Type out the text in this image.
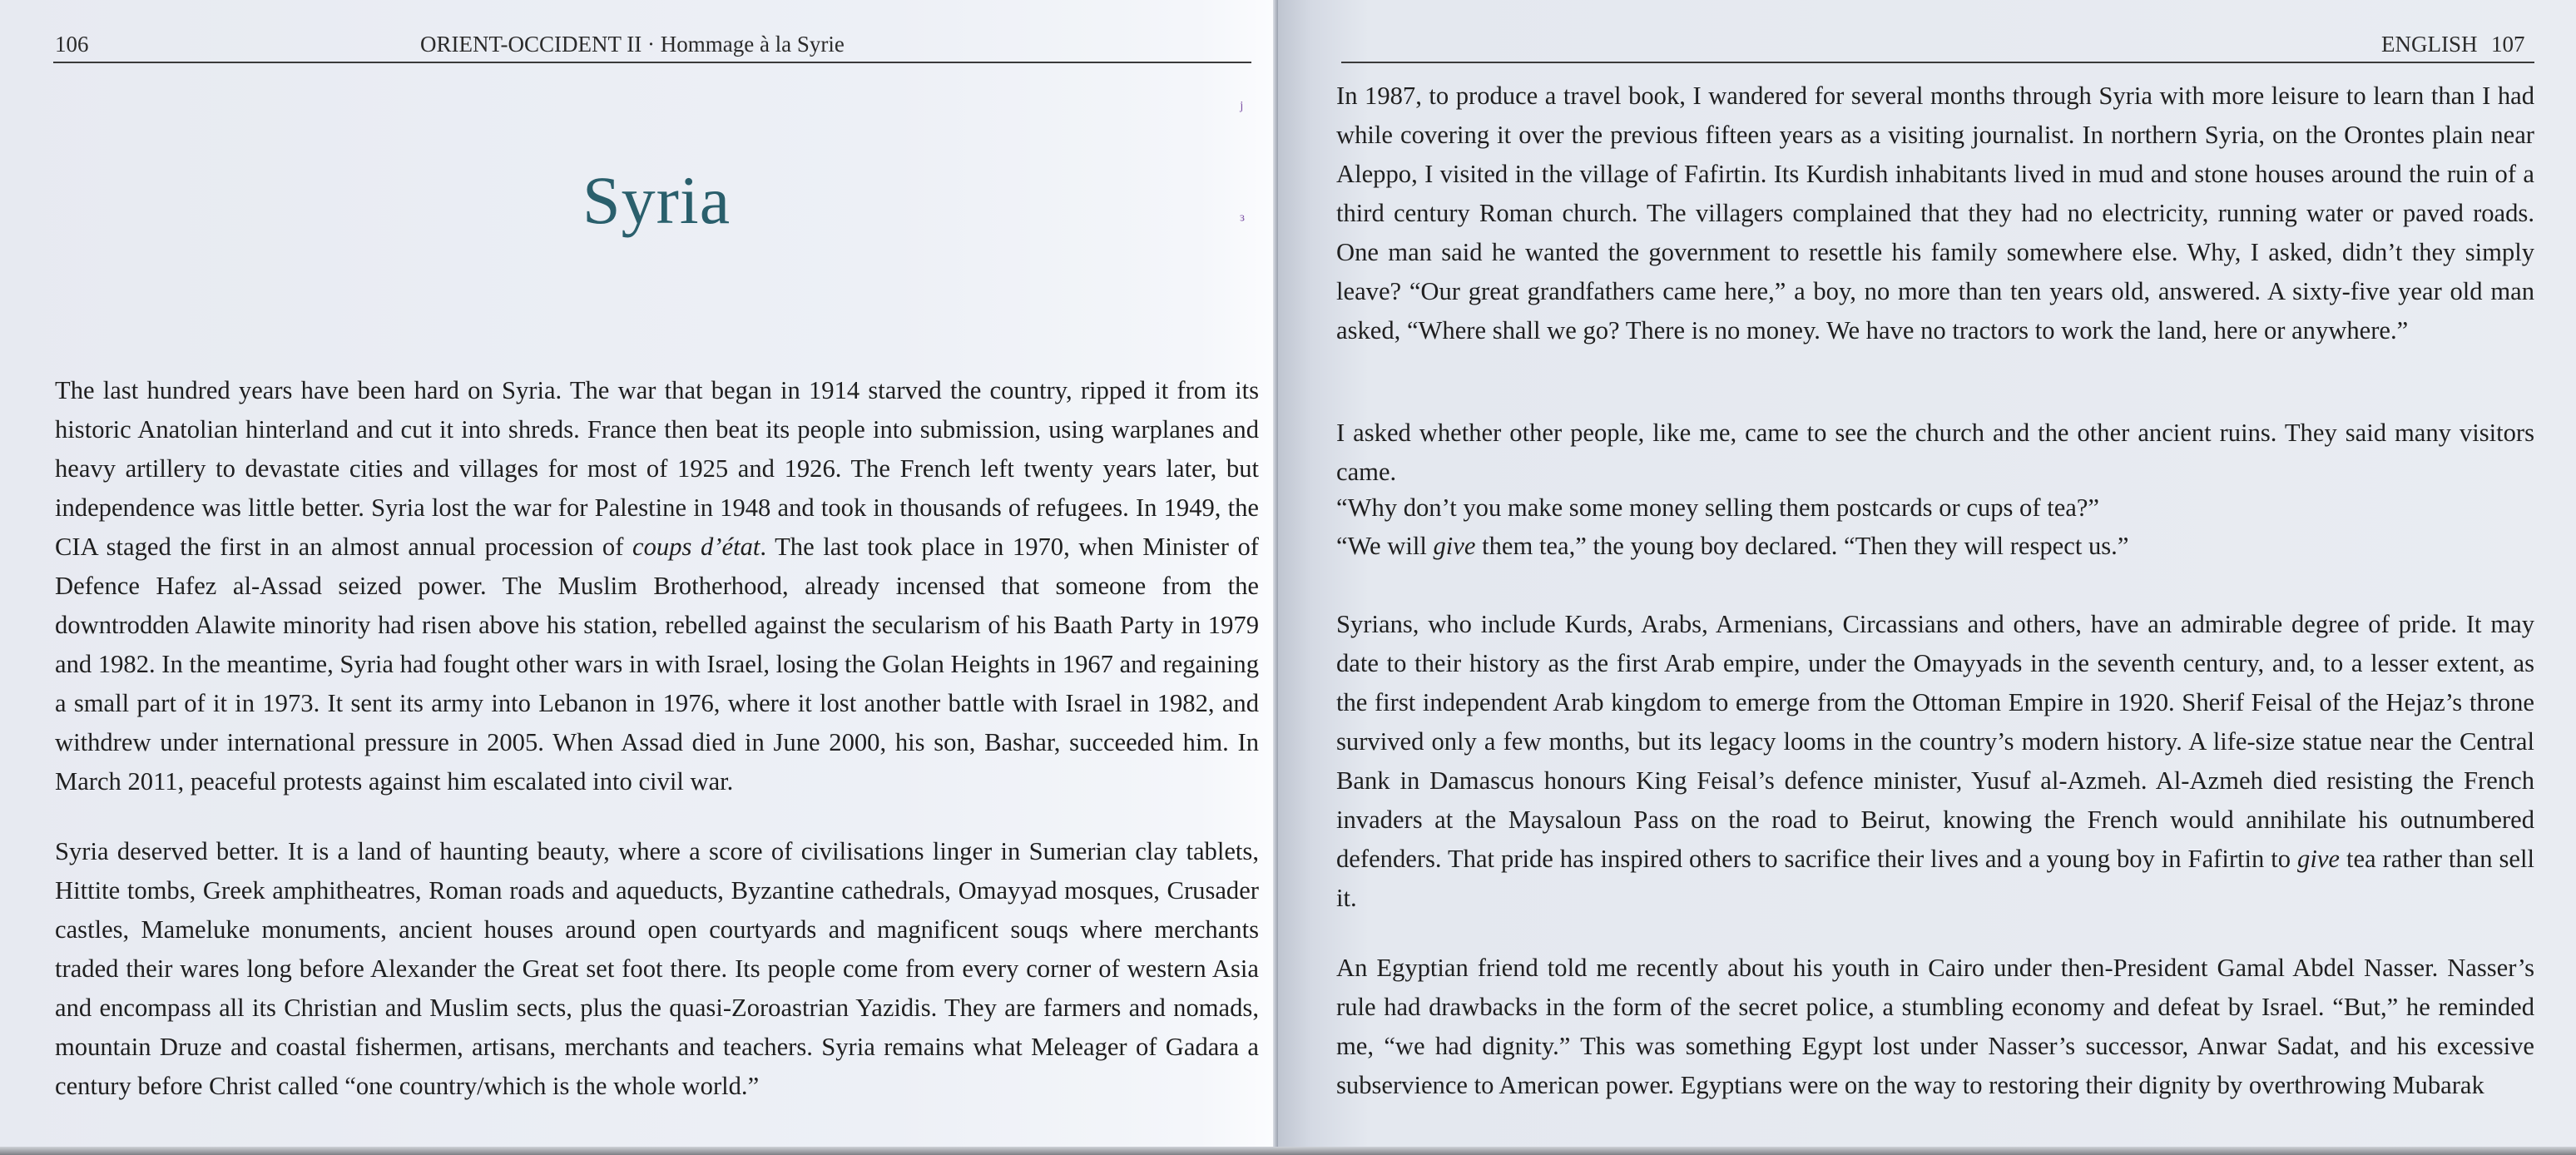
106	ORIENT-OCCIDENT II · Hommage à la Syrie
ʲ
ᵌ
Syria

The last hundred years have been hard on Syria. The war that began in 1914 starved the country, ripped it from its historic Anatolian hinterland and cut it into shreds. France then beat its people into submission, using warplanes and heavy artillery to devastate cities and villages for most of 1925 and 1926. The French left twenty years later, but independence was little better. Syria lost the war for Palestine in 1948 and took in thousands of refugees. In 1949, the CIA staged the first in an almost annual procession of coups d’état. The last took place in 1970, when Minister of Defence Hafez al-Assad seized power. The Muslim Brotherhood, already incensed that someone from the downtrodden Alawite minority had risen above his station, rebelled against the secularism of his Baath Party in 1979 and 1982. In the meantime, Syria had fought other wars in with Israel, losing the Golan Heights in 1967 and regaining a small part of it in 1973. It sent its army into Lebanon in 1976, where it lost another battle with Israel in 1982, and withdrew under international pressure in 2005. When Assad died in June 2000, his son, Bashar, succeeded him. In March 2011, peaceful protests against him escalated into civil war.

Syria deserved better. It is a land of haunting beauty, where a score of civilisations linger in Sumerian clay tablets, Hittite tombs, Greek amphitheatres, Roman roads and aqueducts, Byzantine cathedrals, Omayyad mosques, Crusader castles, Mameluke monuments, ancient houses around open courtyards and magnificent souqs where merchants traded their wares long before Alexander the Great set foot there. Its people come from every corner of western Asia and encompass all its Christian and Muslim sects, plus the quasi-Zoroastrian Yazidis. They are farmers and nomads, mountain Druze and coastal fishermen, artisans, merchants and teachers. Syria remains what Meleager of Gadara a century before Christ called “one country/which is the whole world.”

ENGLISH 107

In 1987, to produce a travel book, I wandered for several months through Syria with more leisure to learn than I had while covering it over the previous fifteen years as a visiting journalist. In northern Syria, on the Orontes plain near Aleppo, I visited in the village of Fafirtin. Its Kurdish inhabitants lived in mud and stone houses around the ruin of a third century Roman church. The villagers complained that they had no electricity, running water or paved roads. One man said he wanted the government to resettle his family somewhere else. Why, I asked, didn’t they simply leave? “Our great grandfathers came here,” a boy, no more than ten years old, answered. A sixty-five year old man asked, “Where shall we go? There is no money. We have no tractors to work the land, here or anywhere.”

I asked whether other people, like me, came to see the church and the other ancient ruins. They said many visitors came.

“Why don’t you make some money selling them postcards or cups of tea?”
“We will give them tea,” the young boy declared. “Then they will respect us.”

Syrians, who include Kurds, Arabs, Armenians, Circassians and others, have an admirable degree of pride. It may date to their history as the first Arab empire, under the Omayyads in the seventh century, and, to a lesser extent, as the first independent Arab kingdom to emerge from the Ottoman Empire in 1920. Sherif Feisal of the Hejaz’s throne survived only a few months, but its legacy looms in the country’s modern history. A life-size statue near the Central Bank in Damascus honours King Feisal’s defence minister, Yusuf al-Azmeh. Al-Azmeh died resisting the French invaders at the Maysaloun Pass on the road to Beirut, knowing the French would annihilate his outnumbered defenders. That pride has inspired others to sacrifice their lives and a young boy in Fafirtin to give tea rather than sell it.

An Egyptian friend told me recently about his youth in Cairo under then-President Gamal Abdel Nasser. Nasser’s rule had drawbacks in the form of the secret police, a stumbling economy and defeat by Israel. “But,” he reminded me, “we had dignity.” This was something Egypt lost under Nasser’s successor, Anwar Sadat, and his excessive subservience to American power. Egyptians were on the way to restoring their dignity by overthrowing Mubarak
